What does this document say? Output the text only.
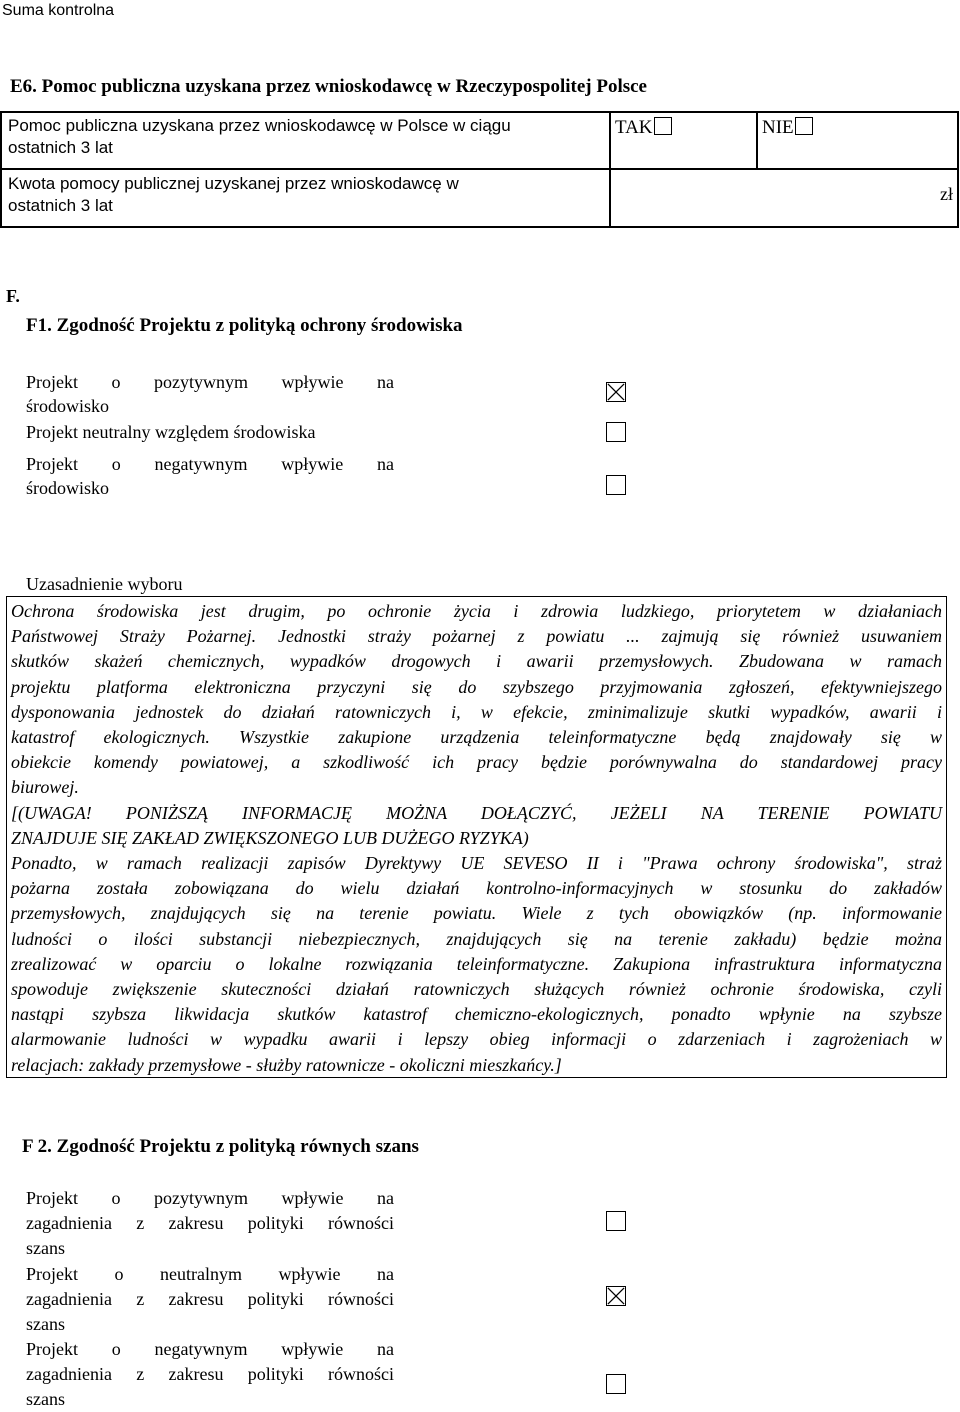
Suma kontrolna
E6. Pomoc publiczna uzyskana przez wnioskodawcę w Rzeczypospolitej Polsce
Pomoc publiczna uzyskana przez wnioskodawcę w Polsce w ciągu
ostatnich 3 lat
TAK	NIE
Kwota pomocy publicznej uzyskanej przez wnioskodawcę w
ostatnich 3 lat
zł
F.
F1. Zgodność Projektu z polityką ochrony środowiska
Projekt o pozytywnym wpływie na
środowisko
Projekt neutralny względem środowiska
Projekt o negatywnym wpływie na
środowisko
Uzasadnienie wyboru
Ochrona środowiska jest drugim, po ochronie życia i zdrowia ludzkiego, priorytetem w działaniach
Państwowej Straży Pożarnej. Jednostki straży pożarnej z powiatu ... zajmują się również usuwaniem
skutków skażeń chemicznych, wypadków drogowych i awarii przemysłowych. Zbudowana w ramach
projektu platforma elektroniczna przyczyni się do szybszego przyjmowania zgłoszeń, efektywniejszego
dysponowania jednostek do działań ratowniczych i, w efekcie, zminimalizuje skutki wypadków, awarii i
katastrof ekologicznych. Wszystkie zakupione urządzenia teleinformatyczne będą znajdowały się w
obiekcie komendy powiatowej, a szkodliwość ich pracy będzie porównywalna do standardowej pracy
biurowej.
[(UWAGA! PONIŻSZĄ INFORMACJĘ MOŻNA DOŁĄCZYĆ, JEŻELI NA TERENIE POWIATU
ZNAJDUJE SIĘ ZAKŁAD ZWIĘKSZONEGO LUB DUŻEGO RYZYKA)
Ponadto, w ramach realizacji zapisów Dyrektywy UE SEVESO II i "Prawa ochrony środowiska", straż
pożarna została zobowiązana do wielu działań kontrolno-informacyjnych w stosunku do zakładów
przemysłowych, znajdujących się na terenie powiatu. Wiele z tych obowiązków (np. informowanie
ludności o ilości substancji niebezpiecznych, znajdujących się na terenie zakładu) będzie można
zrealizować w oparciu o lokalne rozwiązania teleinformatyczne. Zakupiona infrastruktura informatyczna
spowoduje zwiększenie skuteczności działań ratowniczych służących również ochronie środowiska, czyli
nastąpi szybsza likwidacja skutków katastrof chemiczno-ekologicznych, ponadto wpłynie na szybsze
alarmowanie ludności w wypadku awarii i lepszy obieg informacji o zdarzeniach i zagrożeniach w
relacjach: zakłady przemysłowe - służby ratownicze - okoliczni mieszkańcy.]
F 2. Zgodność Projektu z polityką równych szans
Projekt o pozytywnym wpływie na
zagadnienia z zakresu polityki równości
szans
Projekt o neutralnym wpływie na
zagadnienia z zakresu polityki równości
szans
Projekt o negatywnym wpływie na
zagadnienia z zakresu polityki równości
szans
